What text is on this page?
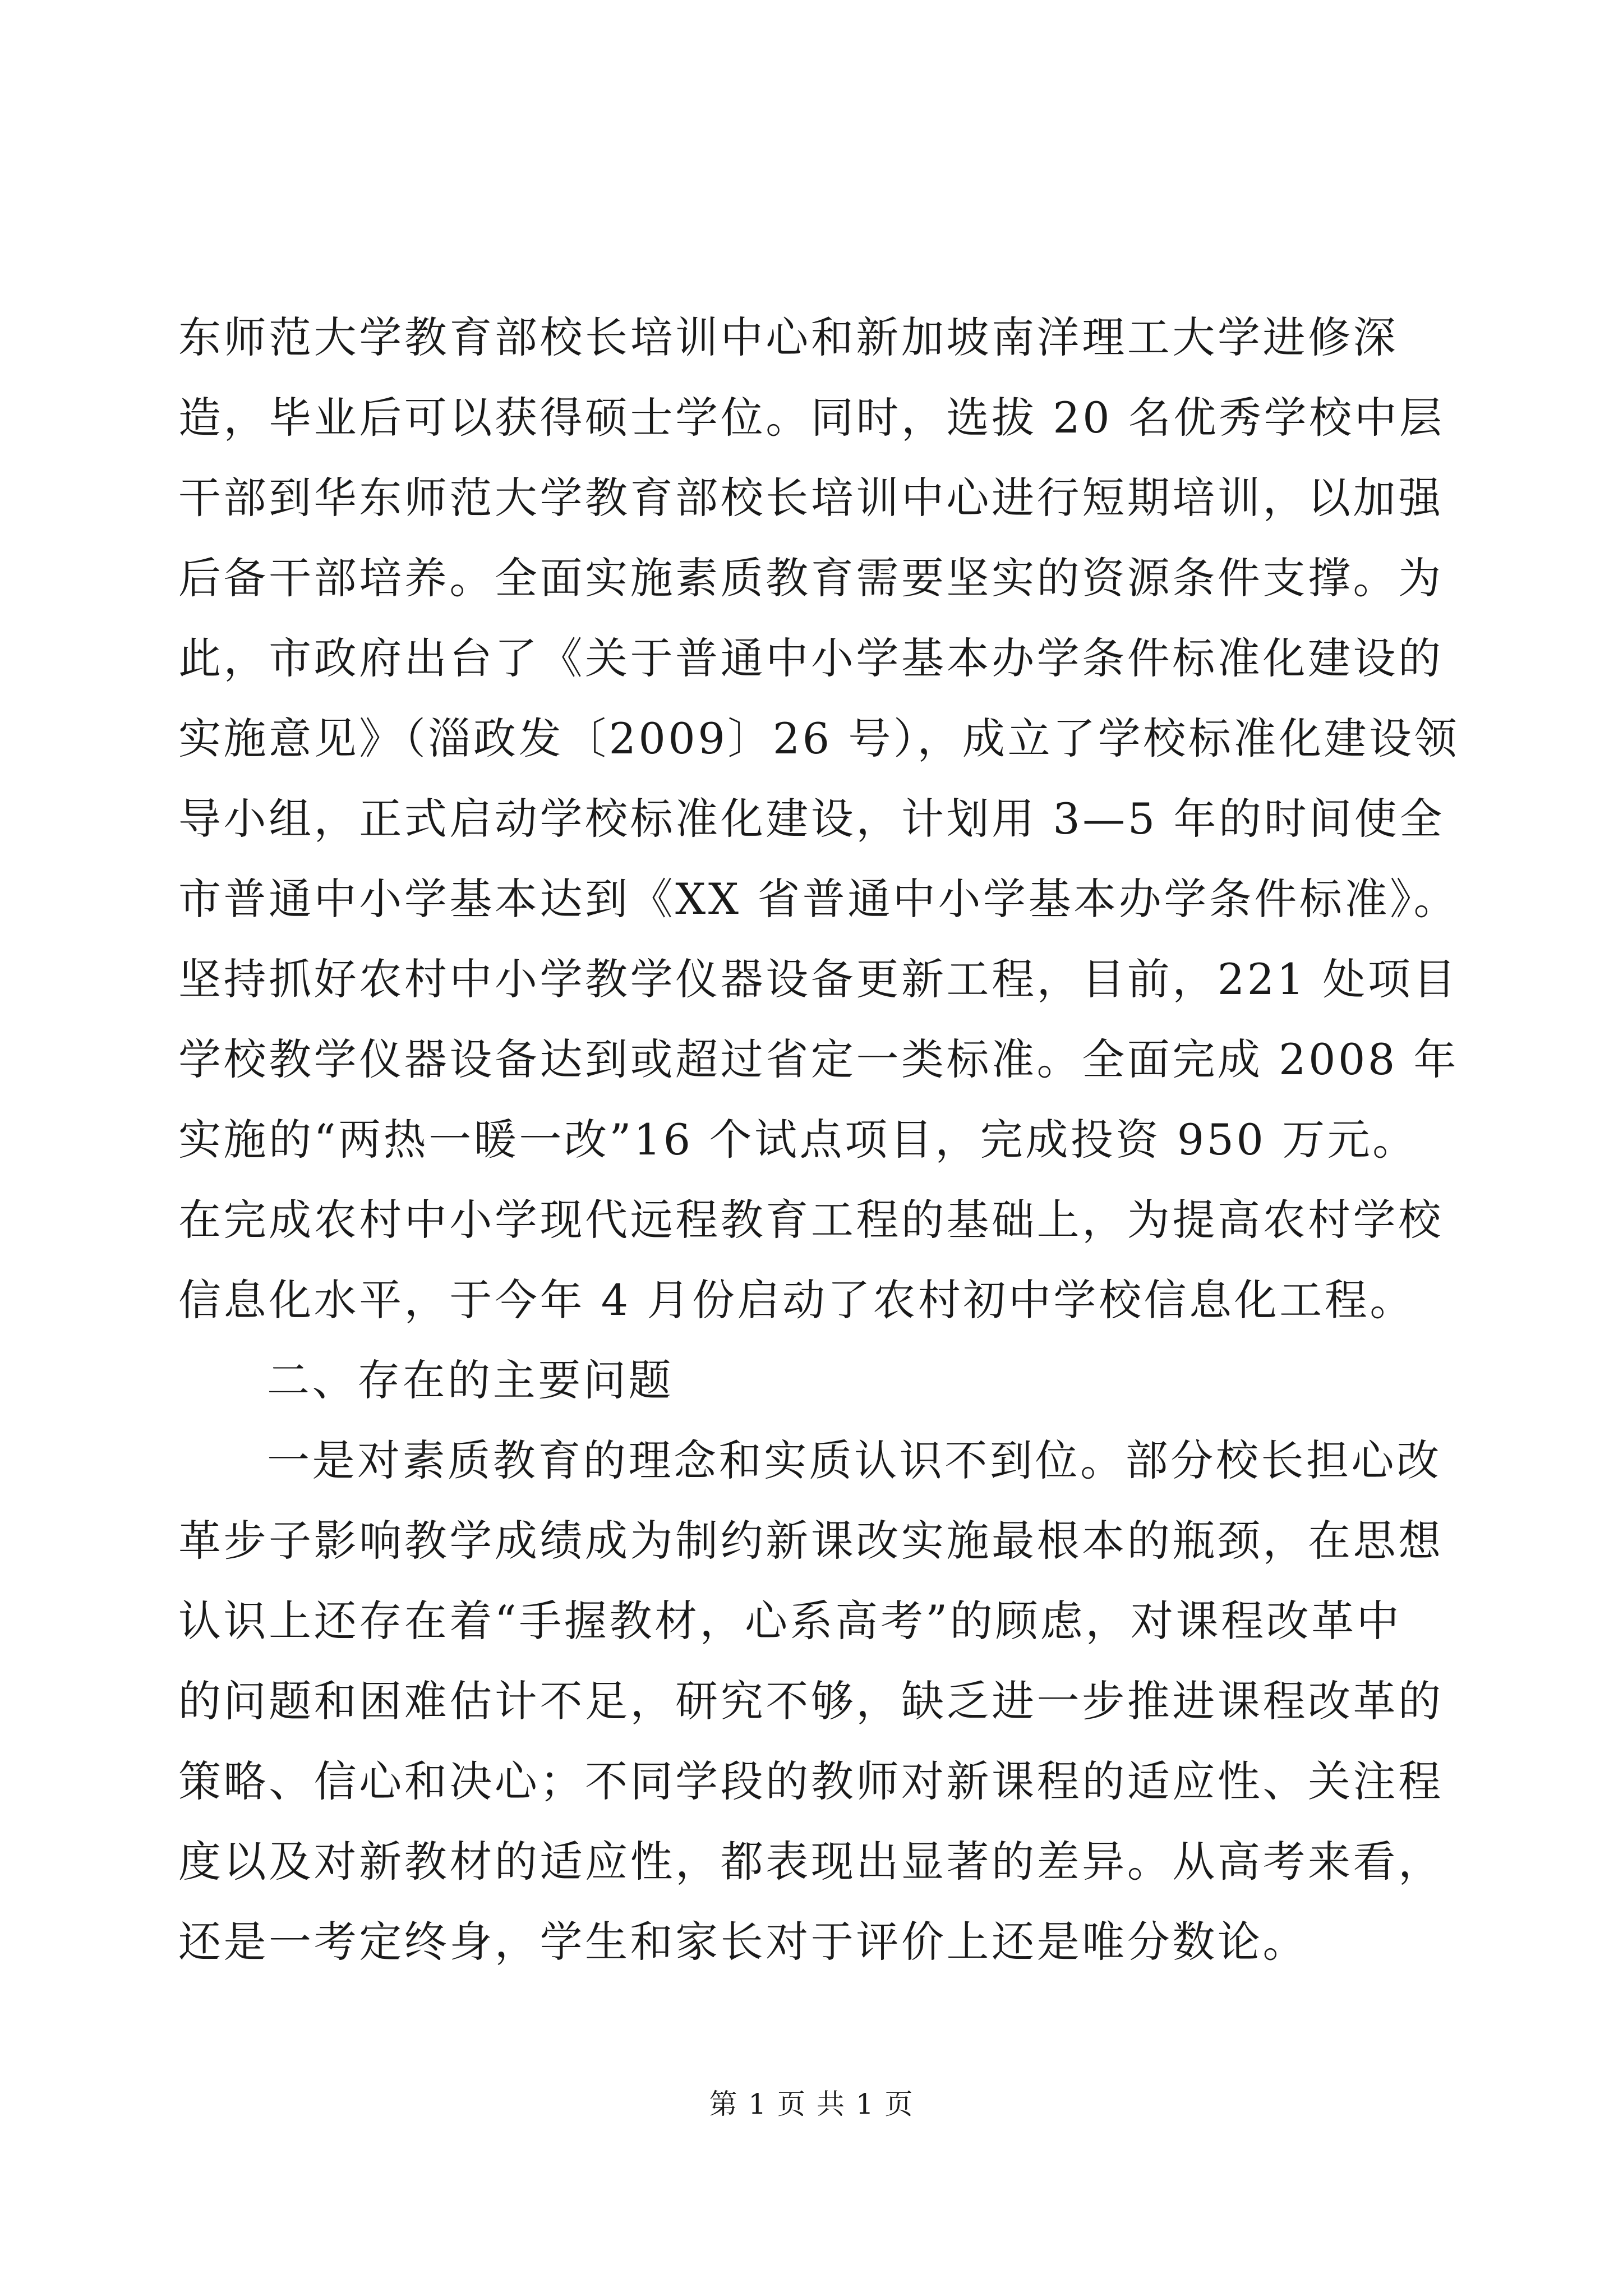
东师范大学教育部校长培训中心和新加坡南洋理工大学进修深
造，毕业后可以获得硕士学位。同时，选拔 20 名优秀学校中层
干部到华东师范大学教育部校长培训中心进行短期培训，以加强
后备干部培养。全面实施素质教育需要坚实的资源条件支撑。为
此，市政府出台了《关于普通中小学基本办学条件标准化建设的
实施意见》（淄政发〔2009〕26 号），成立了学校标准化建设领
导小组，正式启动学校标准化建设，计划用 3—5 年的时间使全
市普通中小学基本达到《XX 省普通中小学基本办学条件标准》。
坚持抓好农村中小学教学仪器设备更新工程，目前，221 处项目
学校教学仪器设备达到或超过省定一类标准。全面完成 2008 年
实施的“两热一暖一改”16 个试点项目，完成投资 950 万元。
在完成农村中小学现代远程教育工程的基础上，为提高农村学校
信息化水平，于今年 4 月份启动了农村初中学校信息化工程。
二、存在的主要问题
一是对素质教育的理念和实质认识不到位。部分校长担心改
革步子影响教学成绩成为制约新课改实施最根本的瓶颈，在思想
认识上还存在着“手握教材，心系高考”的顾虑，对课程改革中
的问题和困难估计不足，研究不够，缺乏进一步推进课程改革的
策略、信心和决心；不同学段的教师对新课程的适应性、关注程
度以及对新教材的适应性，都表现出显著的差异。从高考来看，
还是一考定终身，学生和家长对于评价上还是唯分数论。
第 1 页 共 1 页
